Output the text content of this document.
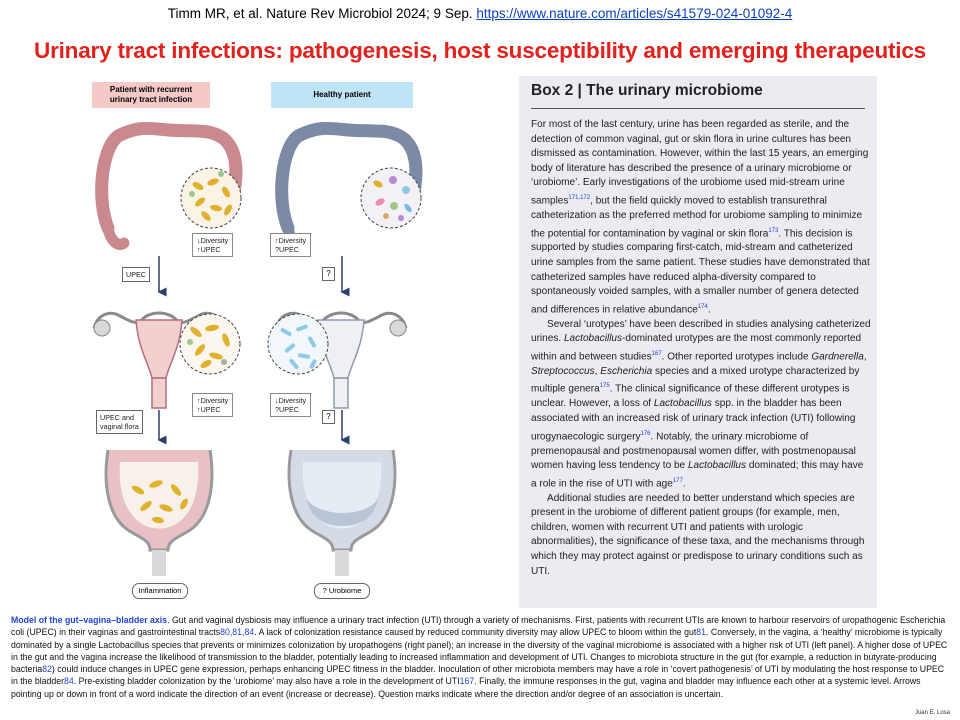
Timm MR, et al. Nature Rev Microbiol 2024; 9 Sep. https://www.nature.com/articles/s41579-024-01092-4
Urinary tract infections: pathogenesis, host susceptibility and emerging therapeutics
Patient with recurrent
urinary tract infection
Healthy patient
↓Diversity
↑UPEC
↑Diversity
?UPEC
UPEC	?
↑Diversity
↑UPEC
↓Diversity
?UPEC
UPEC and
vaginal flora
?
Inflammation	? Urobiome
Box 2 | The urinary microbiome

For most of the last century, urine has been regarded as sterile, and the detection of common vaginal, gut or skin flora in urine cultures has been dismissed as contamination. However, within the last 15 years, an emerging body of literature has described the presence of a urinary microbiome or ‘urobiome’. Early investigations of the urobiome used mid-stream urine samples$^{171,172}$, but the field quickly moved to establish transurethral catheterization as the preferred method for urobiome sampling to minimize the potential for contamination by vaginal or skin flora$^{173}$. This decision is supported by studies comparing first-catch, mid-stream and catheterized urine samples from the same patient. These studies have demonstrated that catheterized samples have reduced alpha-diversity compared to spontaneously voided samples, with a smaller number of genera detected and differences in relative abundance$^{174}$.

Several ‘urotypes’ have been described in studies analysing catheterized urines. Lactobacillus-dominated urotypes are the most commonly reported within and between studies$^{167}$. Other reported urotypes include Gardnerella, Streptococcus, Escherichia species and a mixed urotype characterized by multiple genera$^{175}$. The clinical significance of these different urotypes is unclear. However, a loss of Lactobacillus spp. in the bladder has been associated with an increased risk of urinary track infection (UTI) following urogynaecologic surgery$^{176}$. Notably, the urinary microbiome of premenopausal and postmenopausal women differ, with postmenopausal women having less tendency to be Lactobacillus dominated; this may have a role in the rise of UTI with age$^{177}$.

Additional studies are needed to better understand which species are present in the urobiome of different patient groups (for example, men, children, women with recurrent UTI and patients with urologic abnormalities), the significance of these taxa, and the mechanisms through which they may protect against or predispose to urinary conditions such as UTI.

Model of the gut–vagina–bladder axis. Gut and vaginal dysbiosis may influence a urinary tract infection (UTI) through a variety of mechanisms. First, patients with recurrent UTIs are known to harbour reservoirs of uropathogenic Escherichia coli (UPEC) in their vaginas and gastrointestinal tracts80,81,84. A lack of colonization resistance caused by reduced community diversity may allow UPEC to bloom within the gut81. Conversely, in the vagina, a ‘healthy’ microbiome is typically dominated by a single Lactobacillus species that prevents or minimizes colonization by uropathogens (right panel); an increase in the diversity of the vaginal microbiome is associated with a higher risk of UTI (left panel). A higher dose of UPEC in the gut and the vagina increase the likelihood of transmission to the bladder, potentially leading to increased inflammation and development of UTI. Changes to microbiota structure in the gut (for example, a reduction in butyrate-producing bacteria82) could induce changes in UPEC gene expression, perhaps enhancing UPEC fitness in the bladder. Inoculation of other microbiota members may have a role in ‘covert pathogenesis’ of UTI by modulating the host response to UPEC in the bladder84. Pre-existing bladder colonization by the ‘urobiome’ may also have a role in the development of UTI167. Finally, the immune responses in the gut, vagina and bladder may influence each other at a systemic level. Arrows pointing up or down in front of a word indicate the direction of an event (increase or decrease). Question marks indicate where the direction and/or degree of an association is uncertain.
Juan E. Losa
